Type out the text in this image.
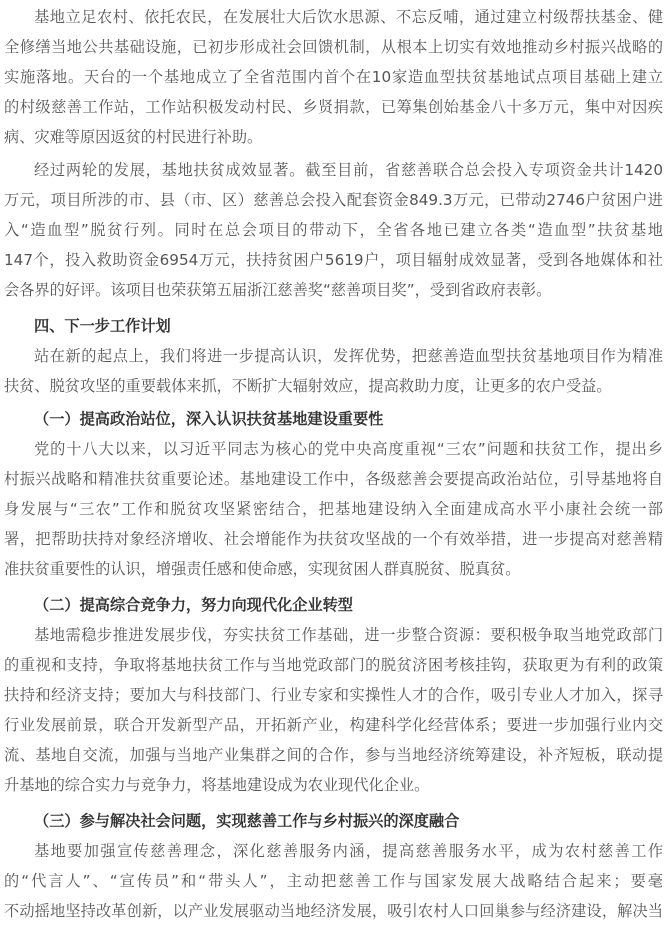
基地立足农村、依托农民，在发展壮大后饮水思源、不忘反哺，通过建立村级帮扶基金、健
全修缮当地公共基础设施，已初步形成社会回馈机制，从根本上切实有效地推动乡村振兴战略的
实施落地。天台的一个基地成立了全省范围内首个在10家造血型扶贫基地试点项目基础上建立
的村级慈善工作站，工作站积极发动村民、乡贤捐款，已筹集创始基金八十多万元，集中对因疾
病、灾难等原因返贫的村民进行补助。
经过两轮的发展，基地扶贫成效显著。截至目前，省慈善联合总会投入专项资金共计1420
万元，项目所涉的市、县（市、区）慈善总会投入配套资金849.3万元，已带动2746户贫困户进
入“造血型”脱贫行列。同时在总会项目的带动下，全省各地已建立各类“造血型”扶贫基地
147个，投入救助资金6954万元，扶持贫困户5619户，项目辐射成效显著，受到各地媒体和社
会各界的好评。该项目也荣获第五届浙江慈善奖“慈善项目奖”，受到省政府表彰。
四、下一步工作计划
站在新的起点上，我们将进一步提高认识，发挥优势，把慈善造血型扶贫基地项目作为精准
扶贫、脱贫攻坚的重要载体来抓，不断扩大辐射效应，提高救助力度，让更多的农户受益。
（一）提高政治站位，深入认识扶贫基地建设重要性
党的十八大以来，以习近平同志为核心的党中央高度重视“三农”问题和扶贫工作，提出乡
村振兴战略和精准扶贫重要论述。基地建设工作中，各级慈善会要提高政治站位，引导基地将自
身发展与“三农”工作和脱贫攻坚紧密结合，把基地建设纳入全面建成高水平小康社会统一部
署，把帮助扶持对象经济增收、社会增能作为扶贫攻坚战的一个有效举措，进一步提高对慈善精
准扶贫重要性的认识，增强责任感和使命感，实现贫困人群真脱贫、脱真贫。
（二）提高综合竞争力，努力向现代化企业转型
基地需稳步推进发展步伐，夯实扶贫工作基础，进一步整合资源：要积极争取当地党政部门
的重视和支持，争取将基地扶贫工作与当地党政部门的脱贫济困考核挂钩，获取更为有利的政策
扶持和经济支持；要加大与科技部门、行业专家和实操性人才的合作，吸引专业人才加入，探寻
行业发展前景，联合开发新型产品，开拓新产业，构建科学化经营体系；要进一步加强行业内交
流、基地自交流，加强与当地产业集群之间的合作，参与当地经济统筹建设，补齐短板，联动提
升基地的综合实力与竞争力，将基地建设成为农业现代化企业。
（三）参与解决社会问题，实现慈善工作与乡村振兴的深度融合
基地要加强宣传慈善理念，深化慈善服务内涵，提高慈善服务水平，成为农村慈善工作
的“代言人”、“宣传员”和“带头人”，主动把慈善工作与国家发展大战略结合起来；要毫
不动摇地坚持改革创新，以产业发展驱动当地经济发展，吸引农村人口回巢参与经济建设，解决当
